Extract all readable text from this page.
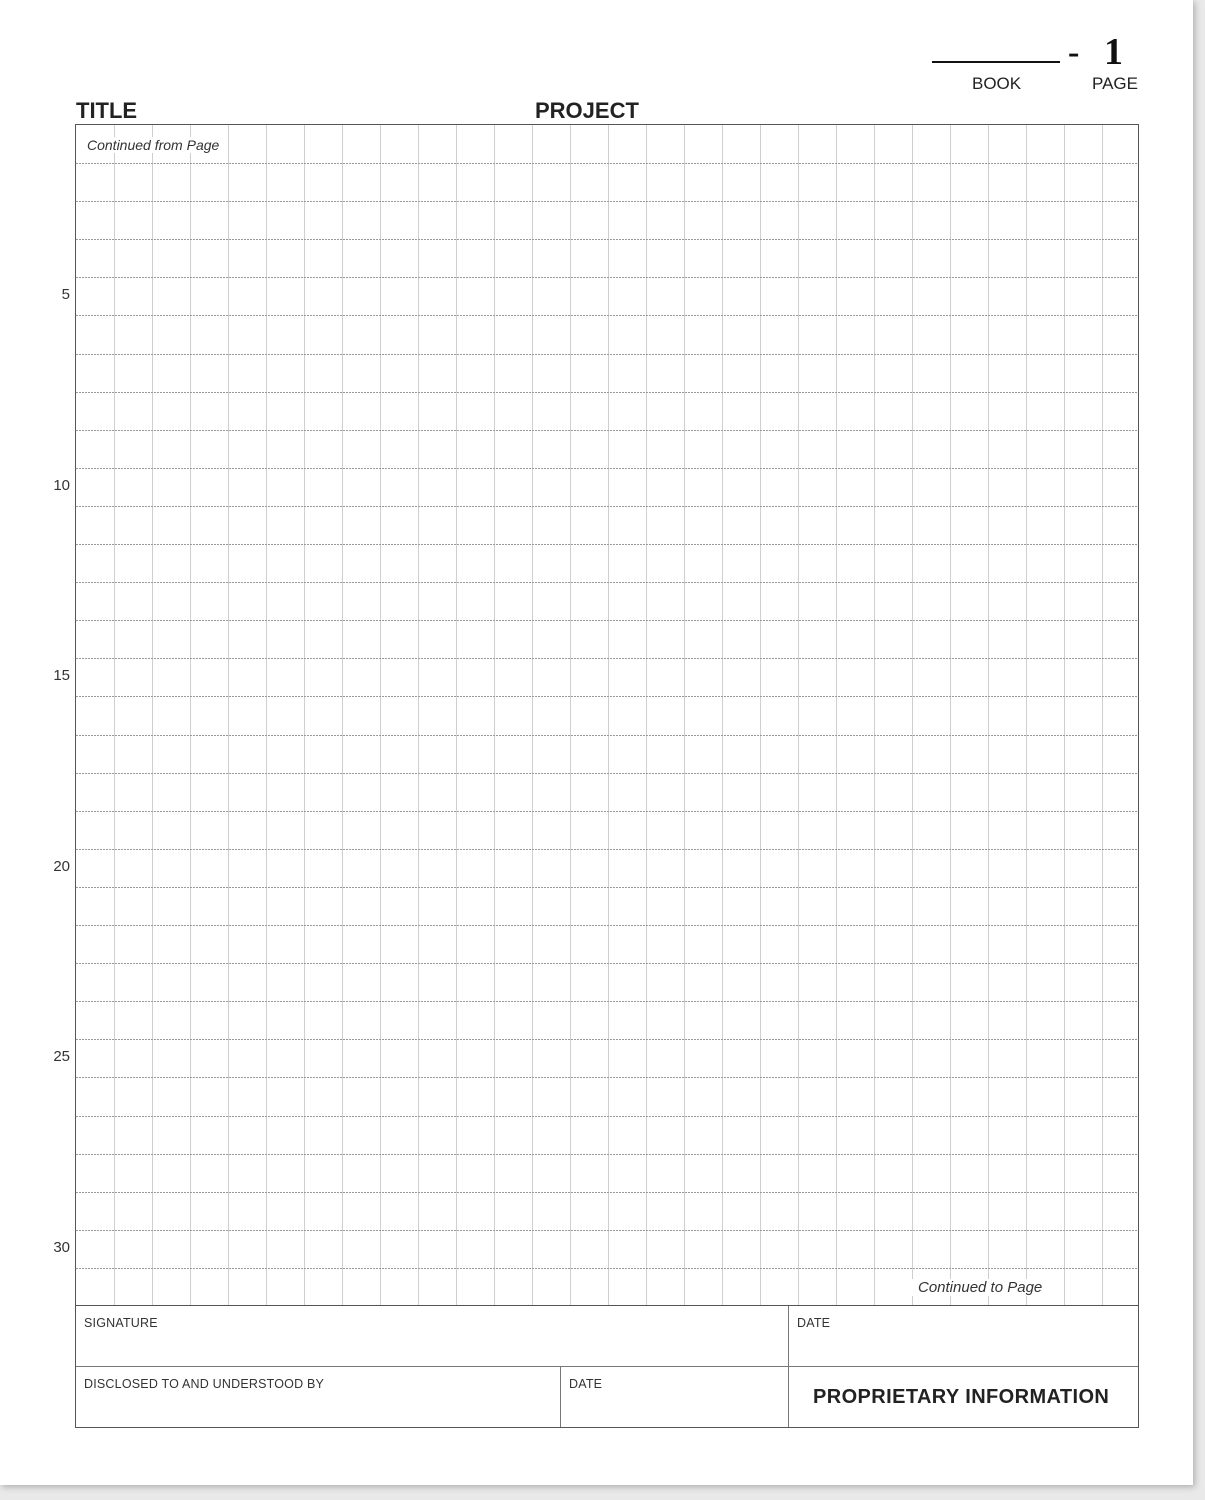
- 1
BOOK	PAGE
TITLE	PROJECT
5
10
15
20
25
30
Continued from Page
Continued to Page
SIGNATURE	DATE
DISCLOSED TO AND UNDERSTOOD BY	DATE
PROPRIETARY INFORMATION
